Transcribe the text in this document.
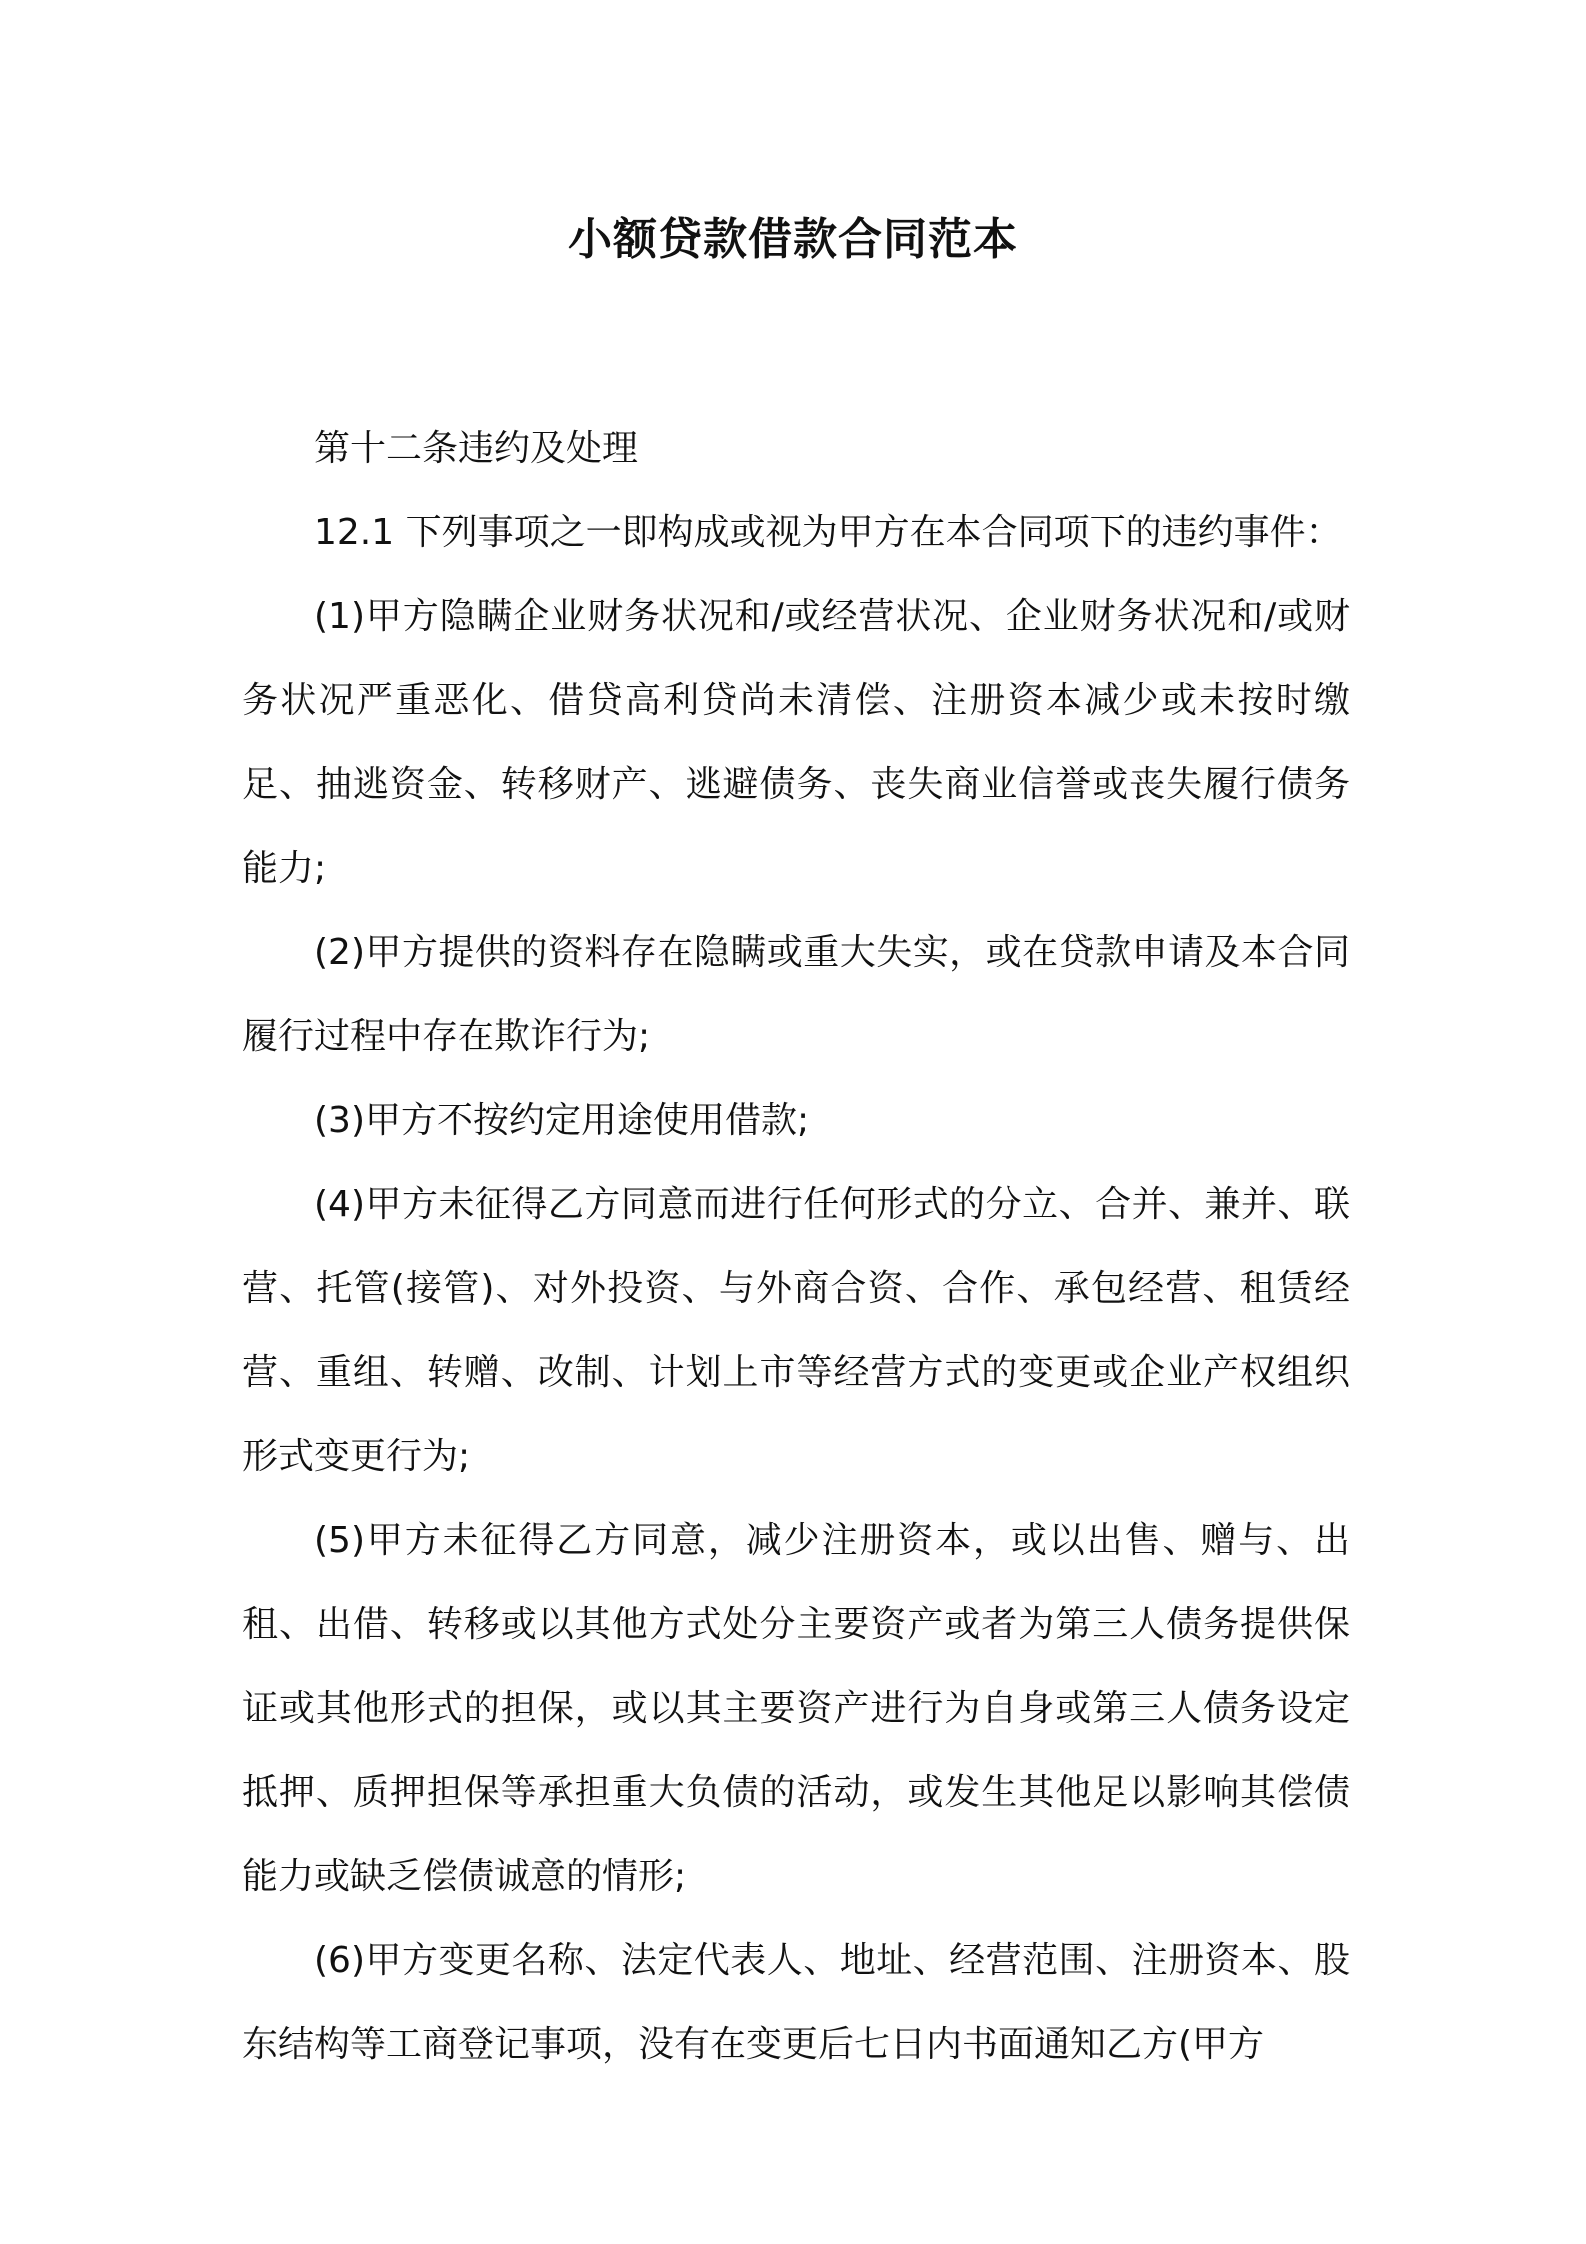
小额贷款借款合同范本

第十二条违约及处理

12.1 下列事项之一即构成或视为甲方在本合同项下的违约事件：

(1)甲方隐瞒企业财务状况和/或经营状况、企业财务状况和/或财务状况严重恶化、借贷高利贷尚未清偿、注册资本减少或未按时缴足、抽逃资金、转移财产、逃避债务、丧失商业信誉或丧失履行债务能力;

(2)甲方提供的资料存在隐瞒或重大失实，或在贷款申请及本合同履行过程中存在欺诈行为;

(3)甲方不按约定用途使用借款;

(4)甲方未征得乙方同意而进行任何形式的分立、合并、兼并、联营、托管(接管)、对外投资、与外商合资、合作、承包经营、租赁经营、重组、转赠、改制、计划上市等经营方式的变更或企业产权组织形式变更行为;

(5)甲方未征得乙方同意，减少注册资本，或以出售、赠与、出租、出借、转移或以其他方式处分主要资产或者为第三人债务提供保证或其他形式的担保，或以其主要资产进行为自身或第三人债务设定抵押、质押担保等承担重大负债的活动，或发生其他足以影响其偿债能力或缺乏偿债诚意的情形;

(6)甲方变更名称、法定代表人、地址、经营范围、注册资本、股东结构等工商登记事项，没有在变更后七日内书面通知乙方(甲方
